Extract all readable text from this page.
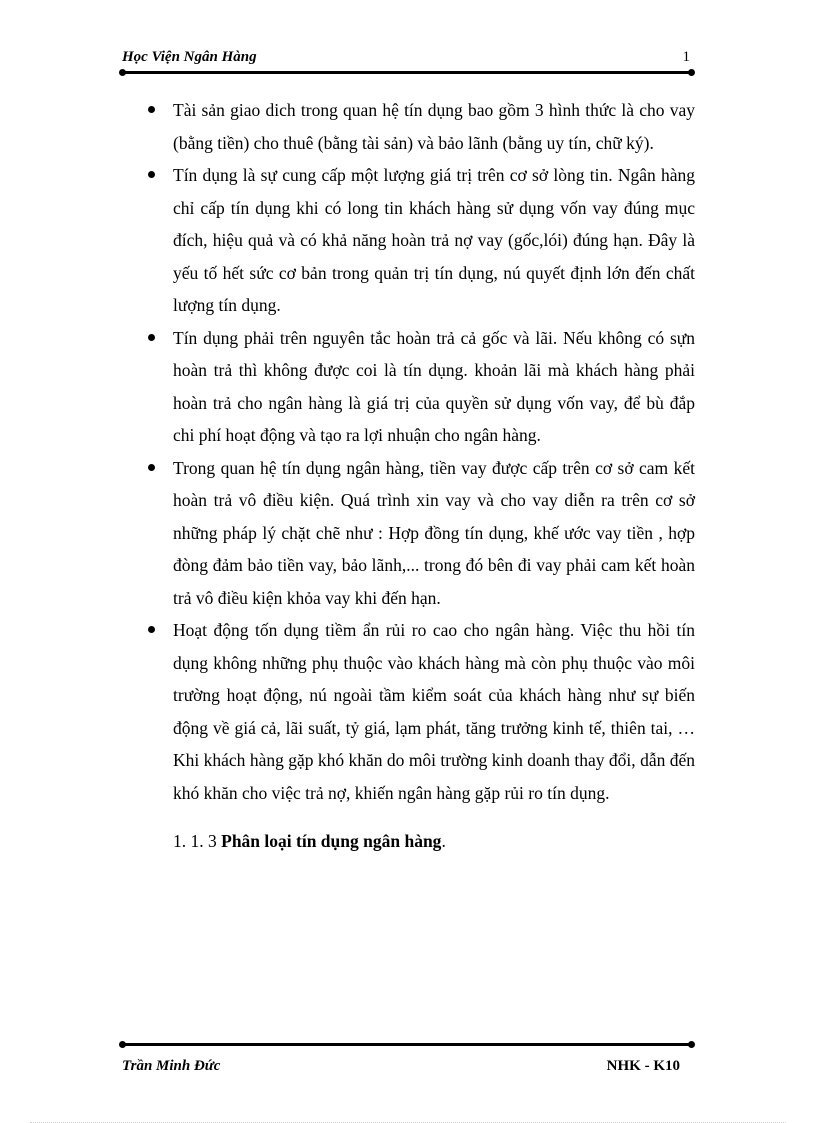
Học Viện Ngân Hàng	1
Tài sản giao dich trong quan hệ tín dụng bao gồm 3 hình thức là cho vay (bằng tiền) cho thuê (bằng tài sản) và bảo lãnh (bằng uy tín, chữ ký).
Tín dụng là sự cung cấp một lượng giá trị trên cơ sở lòng tin. Ngân hàng chỉ cấp tín dụng khi có long tin khách hàng sử dụng vốn vay đúng mục đích, hiệu quả và có khả năng hoàn trả nợ vay (gốc,lói) đúng hạn. Đây là yếu tố hết sức cơ bản trong quản trị tín dụng, nú quyết định lớn đến chất lượng tín dụng.
Tín dụng phải trên nguyên tắc hoàn trả cả gốc và lãi. Nếu không có sựn hoàn trả thì không được coi là tín dụng. khoản lãi mà khách hàng phải hoàn trả cho ngân hàng là giá trị của quyền sử dụng vốn vay, để bù đắp chi phí hoạt động và tạo ra lợi nhuận cho ngân hàng.
Trong quan hệ tín dụng ngân hàng, tiền vay được cấp trên cơ sở cam kết hoàn trả vô điều kiện. Quá trình xin vay và cho vay diễn ra trên cơ sở những pháp lý chặt chẽ như : Hợp đồng tín dụng, khế ước vay tiền , hợp đòng đảm bảo tiền vay, bảo lãnh,... trong đó bên đi vay phải cam kết hoàn trả vô điều kiện khỏa vay khi đến hạn.
Hoạt động tốn dụng tiềm ẩn rủi ro cao cho ngân hàng. Việc thu hồi tín dụng không những phụ thuộc vào khách hàng mà còn phụ thuộc vào môi trường hoạt động, nú ngoài tầm kiểm soát của khách hàng như sự biến động về giá cả, lãi suất, tỷ giá, lạm phát, tăng trưởng kinh tế, thiên tai, …Khi khách hàng gặp khó khăn do môi trường kinh doanh thay đổi, dẫn đến khó khăn cho việc trả nợ, khiến ngân hàng gặp rủi ro tín dụng.
1. 1. 3 Phân loại tín dụng ngân hàng.
Trần Minh Đức	NHK - K10
